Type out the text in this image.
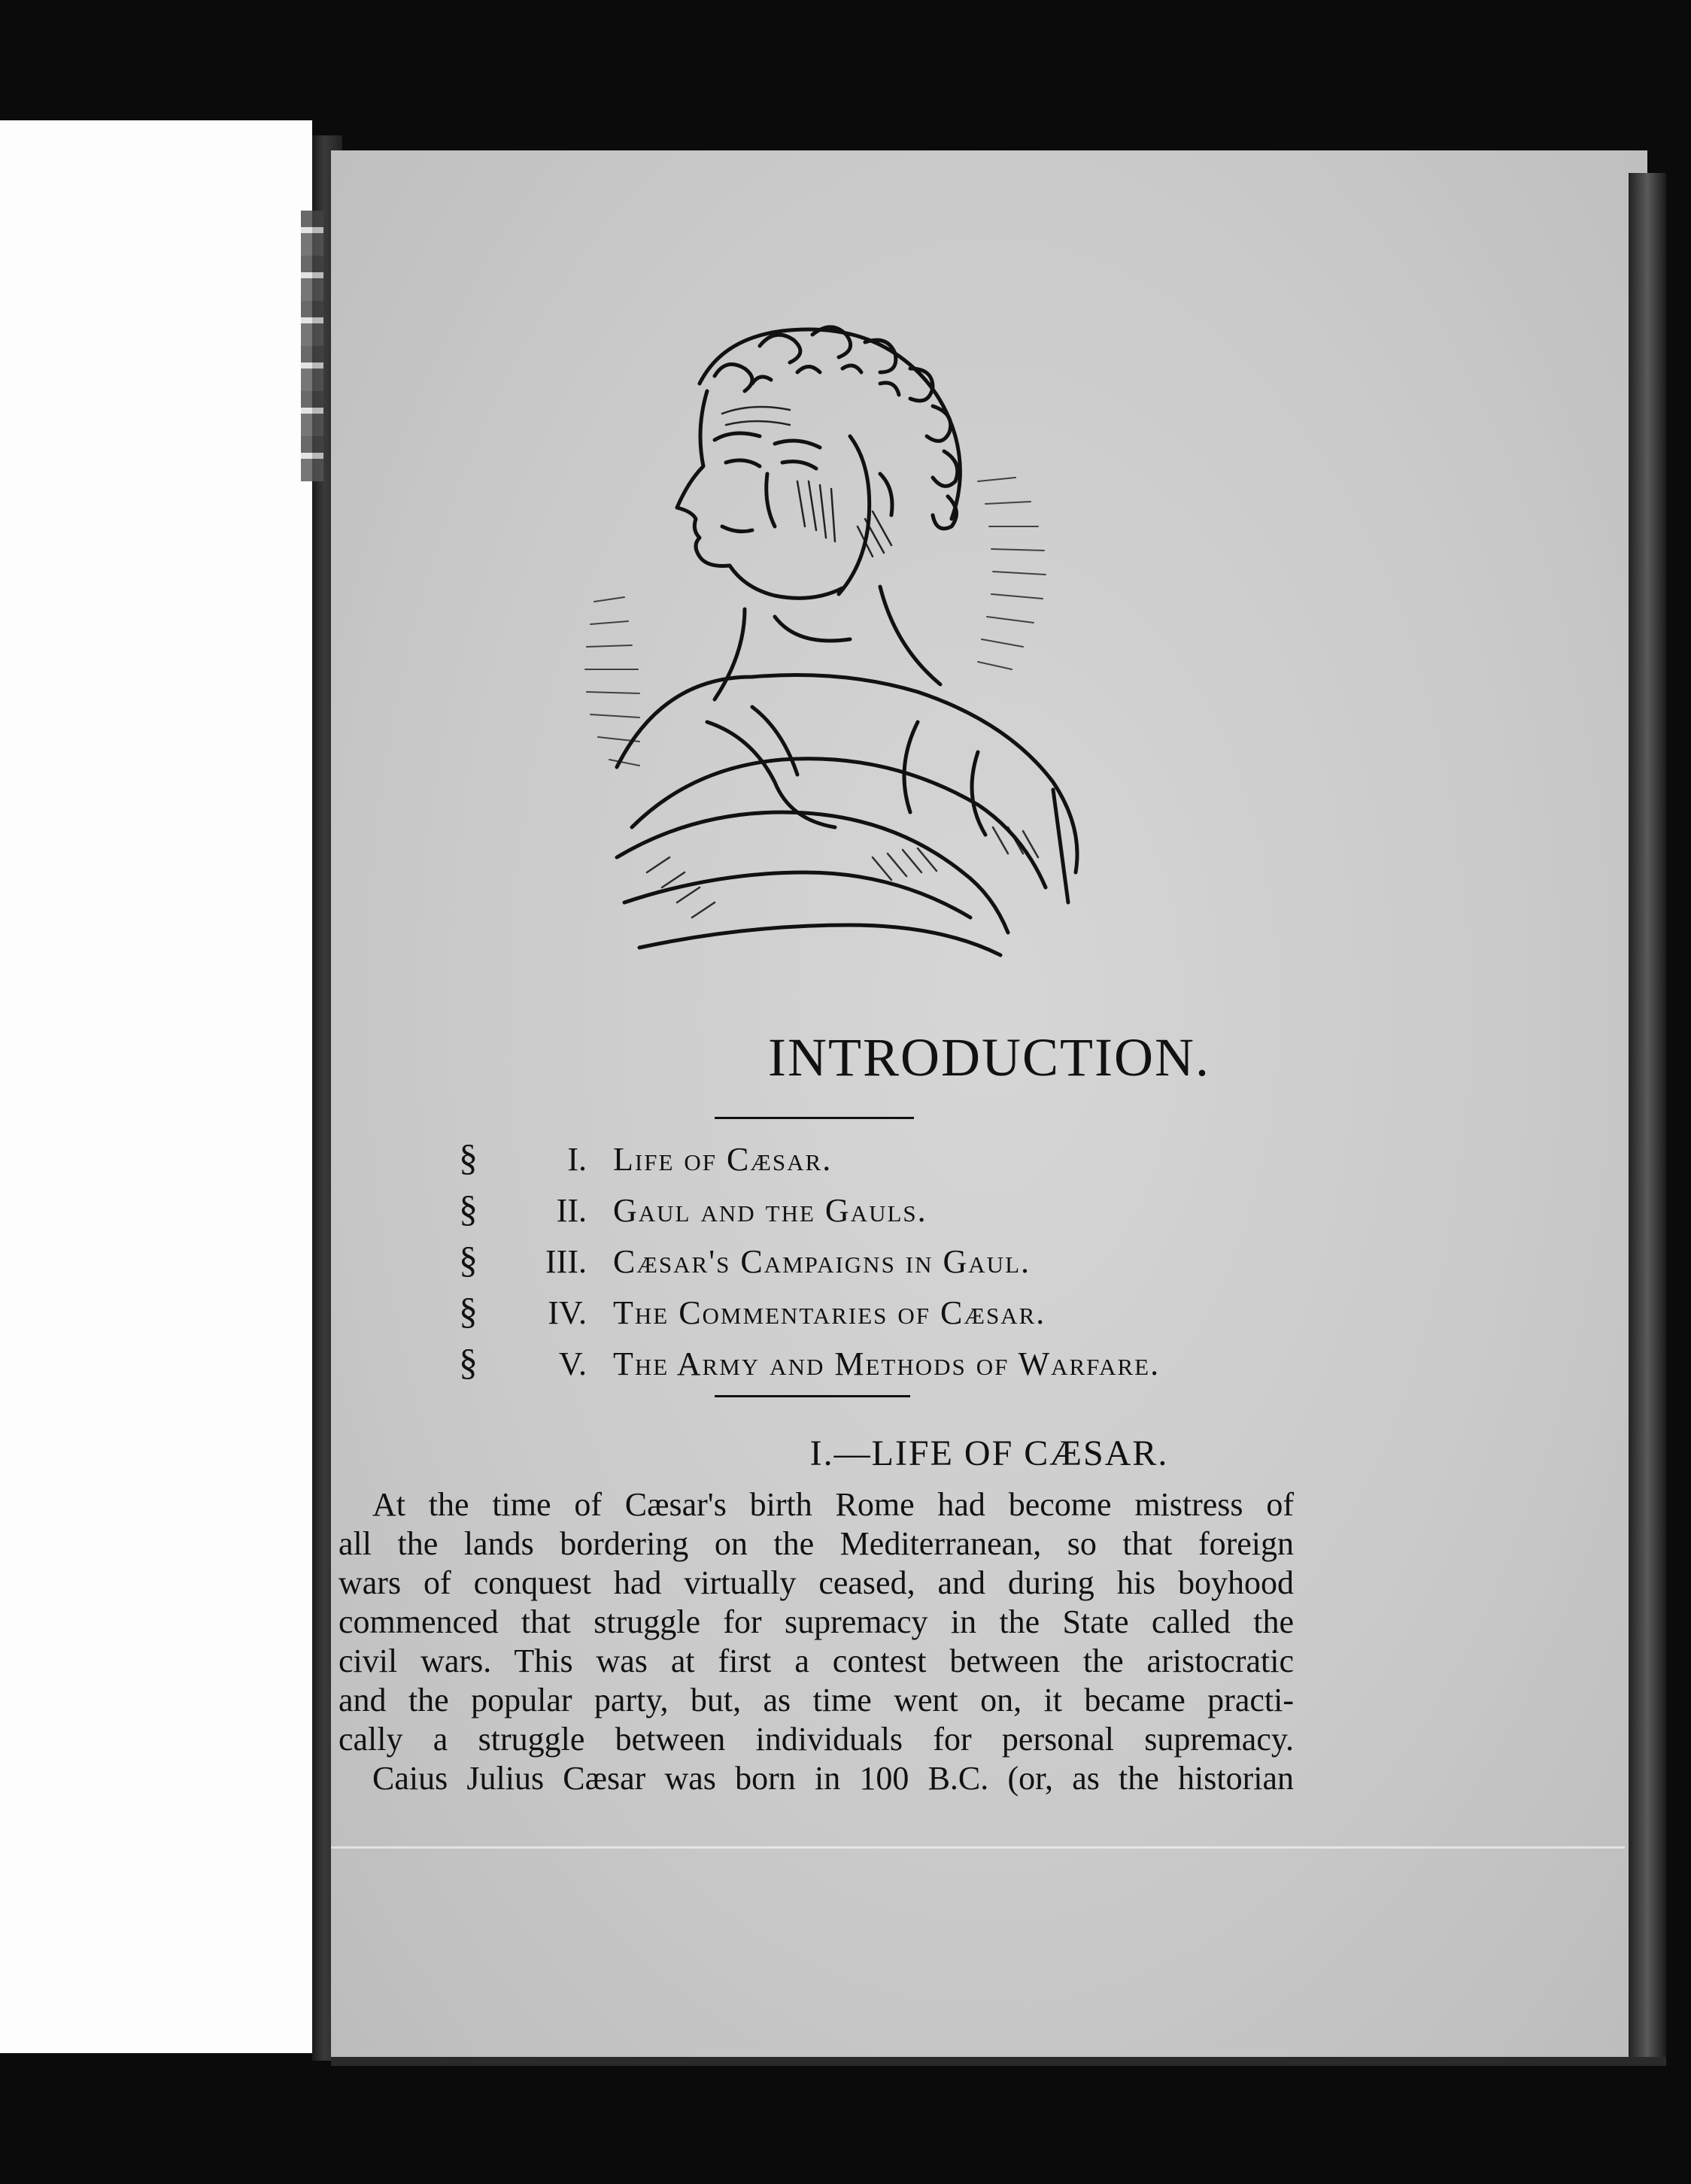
INTRODUCTION.
§	I. Life of Cæsar.
§	II. Gaul and the Gauls.
§	III. Cæsar's Campaigns in Gaul.
§	IV. The Commentaries of Cæsar.
§	V. The Army and Methods of Warfare.
I.—LIFE OF CÆSAR.
At the time of Cæsar's birth Rome had become mistress of
all the lands bordering on the Mediterranean, so that foreign
wars of conquest had virtually ceased, and during his boyhood
commenced that struggle for supremacy in the State called the
civil wars. This was at first a contest between the aristocratic
and the popular party, but, as time went on, it became practi-
cally a struggle between individuals for personal supremacy.
Caius Julius Cæsar was born in 100 B.C. (or, as the historian
